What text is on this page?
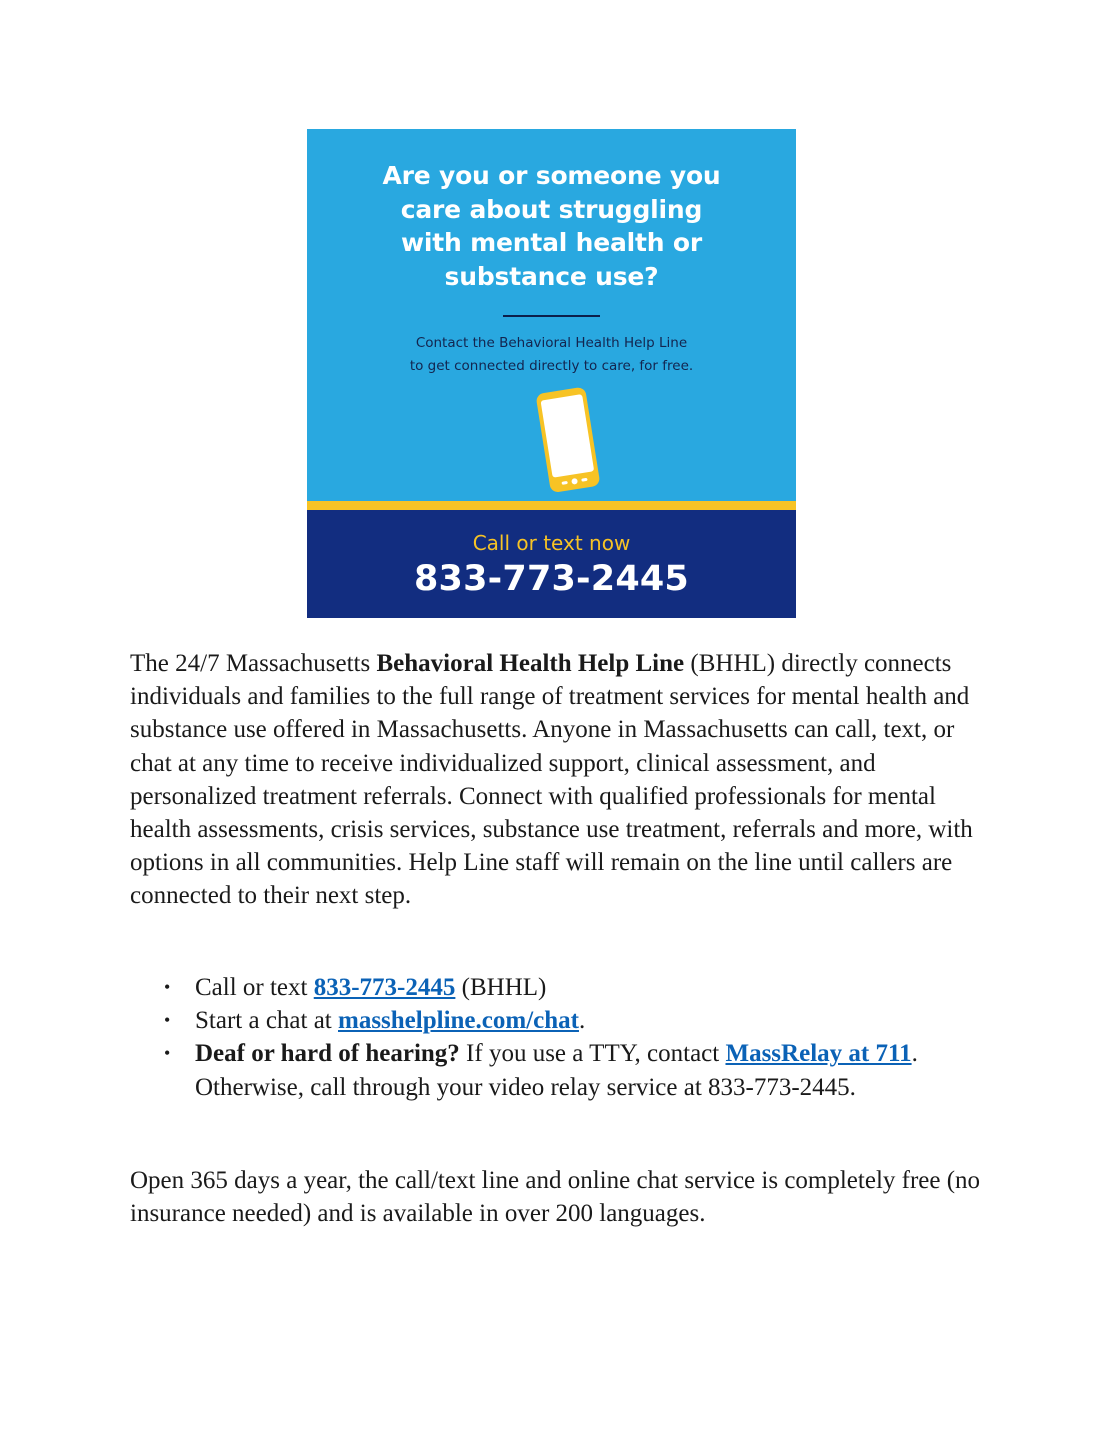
Are you or someone you
care about struggling
with mental health or
substance use?
Contact the Behavioral Health Help Line
to get connected directly to care, for free.
Call or text now
833-773-2445

The 24/7 Massachusetts Behavioral Health Help Line (BHHL) directly connects individuals and families to the full range of treatment services for mental health and substance use offered in Massachusetts. Anyone in Massachusetts can call, text, or chat at any time to receive individualized support, clinical assessment, and personalized treatment referrals. Connect with qualified professionals for mental health assessments, crisis services, substance use treatment, referrals and more, with options in all communities. Help Line staff will remain on the line until callers are connected to their next step.

• Call or text 833-773-2445 (BHHL)
• Start a chat at masshelpline.com/chat.
• Deaf or hard of hearing? If you use a TTY, contact MassRelay at 711. Otherwise, call through your video relay service at 833-773-2445.

Open 365 days a year, the call/text line and online chat service is completely free (no insurance needed) and is available in over 200 languages.
